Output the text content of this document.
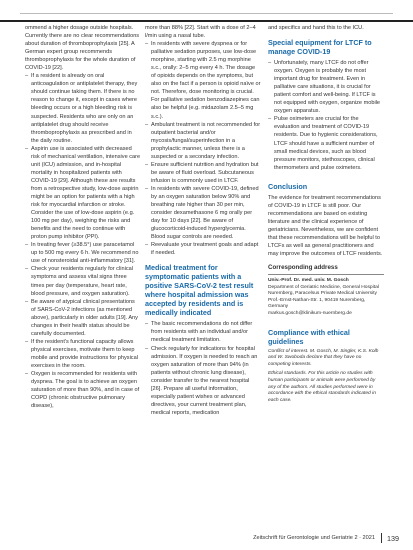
ommend a higher dosage outside hospitals. Currently there are no clear recommendations about duration of thromboprophylaxis [25]. A German expert group recommends thromboprophylaxis for the whole duration of COVID-19 [22].

– If a resident is already on oral anticoagulation or antiplatelet therapy, they should continue taking them. If there is no reason to change it, except in cases where bleeding occurs or a high bleeding risk is suspected. Residents who are only on an antiplatelet drug should receive thromboprophylaxis as prescribed and in the daily routine.

– Aspirin use is associated with decreased risk of mechanical ventilation, intensive care unit (ICU) admission, and in-hospital mortality in hospitalized patients with COVID-19 [29]. Although these are results from a retrospective study, low-dose aspirin might be an option for patients with a high risk for myocardial infarction or stroke. Consider the use of low-dose aspirin (e.g. 100 mg per day), weighing the risks and benefits and the need to continue with proton pump inhibitor (PPI).

– In treating fever (≥38.5°) use paracetamol up to 500 mg every 6 h. We recommend no use of nonsteroidal anti-inflammatory [31].

– Check your residents regularly for clinical symptoms and assess vital signs three times per day (temperature, heart rate, blood pressure, and oxygen saturation).

– Be aware of atypical clinical presentations of SARS-CoV-2 infections (as mentioned above), particularly in older adults [19]. Any changes in their health status should be carefully documented.

– If the resident's functional capacity allows physical exercises, motivate them to keep mobile and provide instructions for physical exercises in the room.

– Oxygen is recommended for residents with dyspnea. The goal is to achieve an oxygen saturation of more than 90%, and in case of COPD (chronic obstructive pulmonary disease),

more than 88% [22]. Start with a dose of 2–4 l/min using a nasal tube.

– In residents with severe dyspnea or for palliative sedation purposes, use low-dose morphine, starting with 2.5 mg morphine s.c., orally: 2–5 mg every 4 h. The dosage of opioids depends on the symptoms, but also on the fact if a person is opioid naïve or not. Therefore, dose monitoring is crucial. For palliative sedation benzodiazepines can also be helpful (e.g. midazolam 2.5–5 mg s.c.).

– Ambulant treatment is not recommended for outpatient bacterial and/or mycosis/fungal/superinfection in a prophylactic manner, unless there is a suspected or a secondary infection.

– Ensure sufficient nutrition and hydration but be aware of fluid overload. Subcutaneous infusion is commonly used in LTCF.

– In residents with severe COVID-19, defined by an oxygen saturation below 90% and breathing rate higher than 30 per min, consider dexamethasone 6 mg orally per day for 10 days [22]. Be aware of glucocorticoid-induced hyperglycemia. Blood sugar controls are needed.

– Reevaluate your treatment goals and adapt if needed.

Medical treatment for symptomatic patients with a positive SARS-CoV-2 test result where hospital admission was accepted by residents and is medically indicated

– The basic recommendations do not differ from residents with an individual and/or medical treatment limitation.

– Check regularly for indications for hospital admission. If oxygen is needed to reach an oxygen saturation of more than 94% (in patients without chronic lung disease), consider transfer to the nearest hospital [26]. Prepare all useful information, especially patient wishes or advanced directives, your current treatment plan, medical reports, medication

and specifics and hand this to the ICU.

Special equipment for LTCF to manage COVID-19

– Unfortunately, many LTCF do not offer oxygen. Oxygen is probably the most important drug for treatment. Even in palliative care situations, it is crucial for patient comfort and well-being. If LTCF is not equipped with oxygen, organize mobile oxygen apparatus.

– Pulse oximeters are crucial for the evaluation and treatment of COVID-19 residents. Due to hygienic considerations, LTCF should have a sufficient number of small medical devices, such as blood pressure monitors, stethoscopes, clinical thermometers and pulse oximeters.

Conclusion

The evidence for treatment recommendations of COVID-19 in LTCF is still poor. Our recommendations are based on existing literature and the clinical experience of geriatricians. Nevertheless, we are confident that these recommendations will be helpful to LTCFs as well as general practitioners and may improve the outcomes of LTCF residents.

Corresponding address

Univ.-Prof. Dr. med. univ. M. Gosch

Department of Geriatric Medicine, General Hospital Nuremberg, Paracelsus Private Medical University

Prof.-Ernst-Nathan-Str. 1, 90419 Nuremberg, Germany

markus.gosch@klinikum-nuernberg.de

Compliance with ethical guidelines

Conflict of interest. M. Gosch, M. Singler, K.S. Kolb and W. Swoboda declare that they have no competing interests.

Ethical standards. For this article no studies with human participants or animals were performed by any of the authors. All studies performed were in accordance with the ethical standards indicated in each case.

Zeitschrift für Gerontologie und Geriatrie 2 · 2021 139
